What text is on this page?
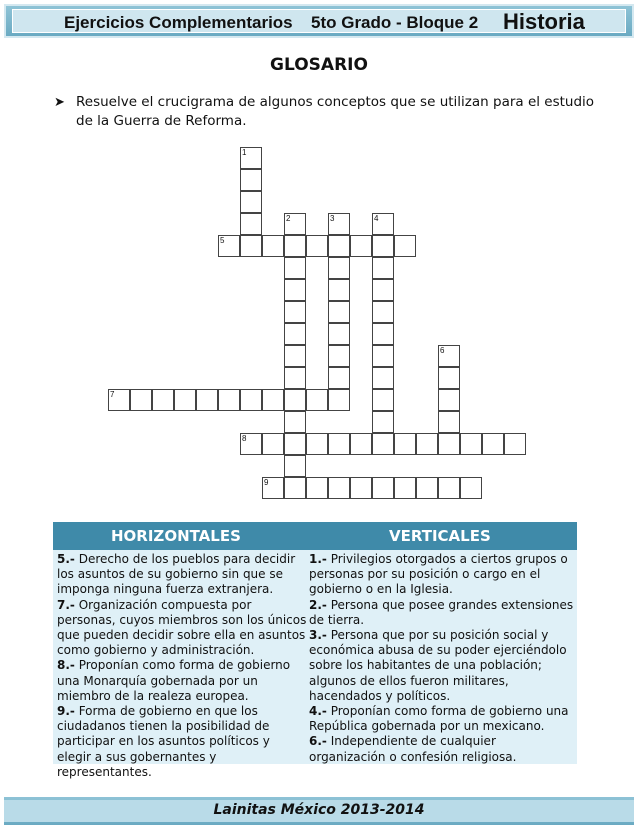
Ejercicios Complementarios 5to Grado - Bloque 2 Historia
GLOSARIO
➤ Resuelve el crucigrama de algunos conceptos que se utilizan para el estudio de la Guerra de Reforma.
1
2	3	4
5
6
7
8
9
HORIZONTALES	VERTICALES

5.- Derecho de los pueblos para decidir los asuntos de su gobierno sin que se imponga ninguna fuerza extranjera.

7.- Organización compuesta por personas, cuyos miembros son los únicos que pueden decidir sobre ella en asuntos como gobierno y administración.

8.- Proponían como forma de gobierno una Monarquía gobernada por un miembro de la realeza europea.

9.- Forma de gobierno en que los ciudadanos tienen la posibilidad de participar en los asuntos políticos y elegir a sus gobernantes y representantes.

1.- Privilegios otorgados a ciertos grupos o personas por su posición o cargo en el gobierno o en la Iglesia.

2.- Persona que posee grandes extensiones de tierra.

3.- Persona que por su posición social y económica abusa de su poder ejerciéndolo sobre los habitantes de una población; algunos de ellos fueron militares, hacendados y políticos.

4.- Proponían como forma de gobierno una República gobernada por un mexicano.

6.- Independiente de cualquier organización o confesión religiosa.

Lainitas México 2013-2014
